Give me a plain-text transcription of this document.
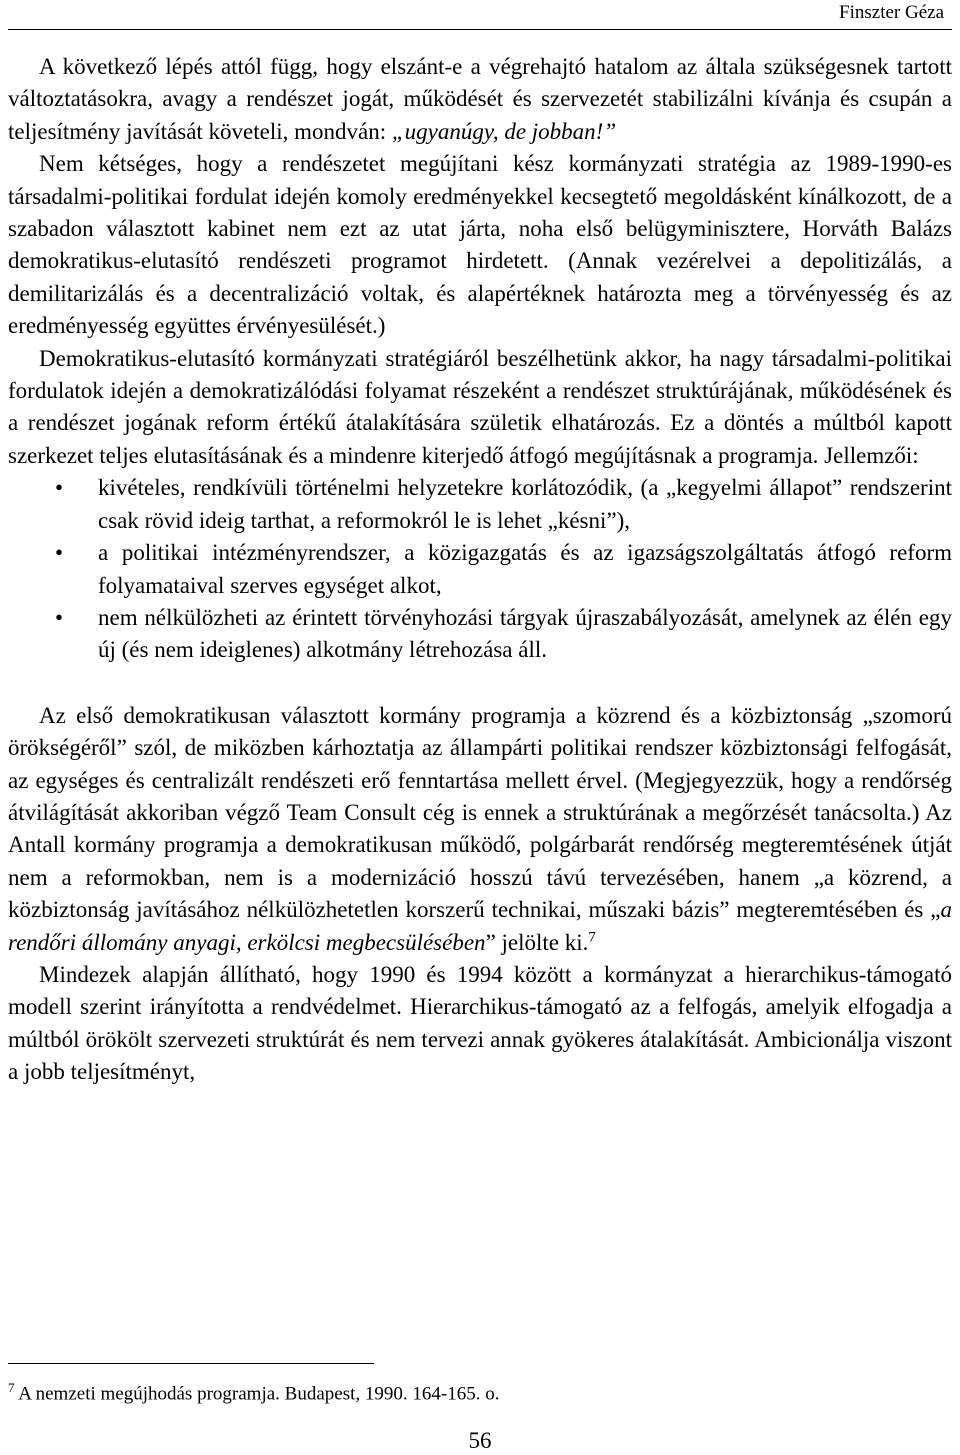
Finszter Géza

A következő lépés attól függ, hogy elszánt-e a végrehajtó hatalom az általa szükségesnek tartott változtatásokra, avagy a rendészet jogát, működését és szervezetét stabilizálni kívánja és csupán a teljesítmény javítását követeli, mondván: „ugyanúgy, de jobban!”

Nem kétséges, hogy a rendészetet megújítani kész kormányzati stratégia az 1989-1990-es társadalmi-politikai fordulat idején komoly eredményekkel kecsegtető megoldásként kínálkozott, de a szabadon választott kabinet nem ezt az utat járta, noha első belügyminisztere, Horváth Balázs demokratikus-elutasító rendészeti programot hirdetett. (Annak vezérelvei a depolitizálás, a demilitarizálás és a decentralizáció voltak, és alapértéknek határozta meg a törvényesség és az eredményesség együttes érvényesülését.)

Demokratikus-elutasító kormányzati stratégiáról beszélhetünk akkor, ha nagy társadalmi-politikai fordulatok idején a demokratizálódási folyamat részeként a rendészet struktúrájának, működésének és a rendészet jogának reform értékű átalakítására születik elhatározás. Ez a döntés a múltból kapott szerkezet teljes elutasításának és a mindenre kiterjedő átfogó megújításnak a programja. Jellemzői:

• kivételes, rendkívüli történelmi helyzetekre korlátozódik, (a „kegyelmi állapot” rendszerint csak rövid ideig tarthat, a reformokról le is lehet „késni”),
• a politikai intézményrendszer, a közigazgatás és az igazságszolgáltatás átfogó reform folyamataival szerves egységet alkot,
• nem nélkülözheti az érintett törvényhozási tárgyak újraszabályozását, amelynek az élén egy új (és nem ideiglenes) alkotmány létrehozása áll.

Az első demokratikusan választott kormány programja a közrend és a közbiztonság „szomorú örökségéről” szól, de miközben kárhoztatja az állampárti politikai rendszer közbiztonsági felfogását, az egységes és centralizált rendészeti erő fenntartása mellett érvel. (Megjegyezzük, hogy a rendőrség átvilágítását akkoriban végző Team Consult cég is ennek a struktúrának a megőrzését tanácsolta.) Az Antall kormány programja a demokratikusan működő, polgárbarát rendőrség megteremtésének útját nem a reformokban, nem is a modernizáció hosszú távú tervezésében, hanem „a közrend, a közbiztonság javításához nélkülözhetetlen korszerű technikai, műszaki bázis” megteremtésében és „a rendőri állomány anyagi, erkölcsi megbecsülésében” jelölte ki.$^7$

Mindezek alapján állítható, hogy 1990 és 1994 között a kormányzat a hierarchikus-támogató modell szerint irányította a rendvédelmet. Hierarchikus-támogató az a felfogás, amelyik elfogadja a múltból örökölt szervezeti struktúrát és nem tervezi annak gyökeres átalakítását. Ambicionálja viszont a jobb teljesítményt,

$^7$ A nemzeti megújhodás programja. Budapest, 1990. 164-165. o.
56
